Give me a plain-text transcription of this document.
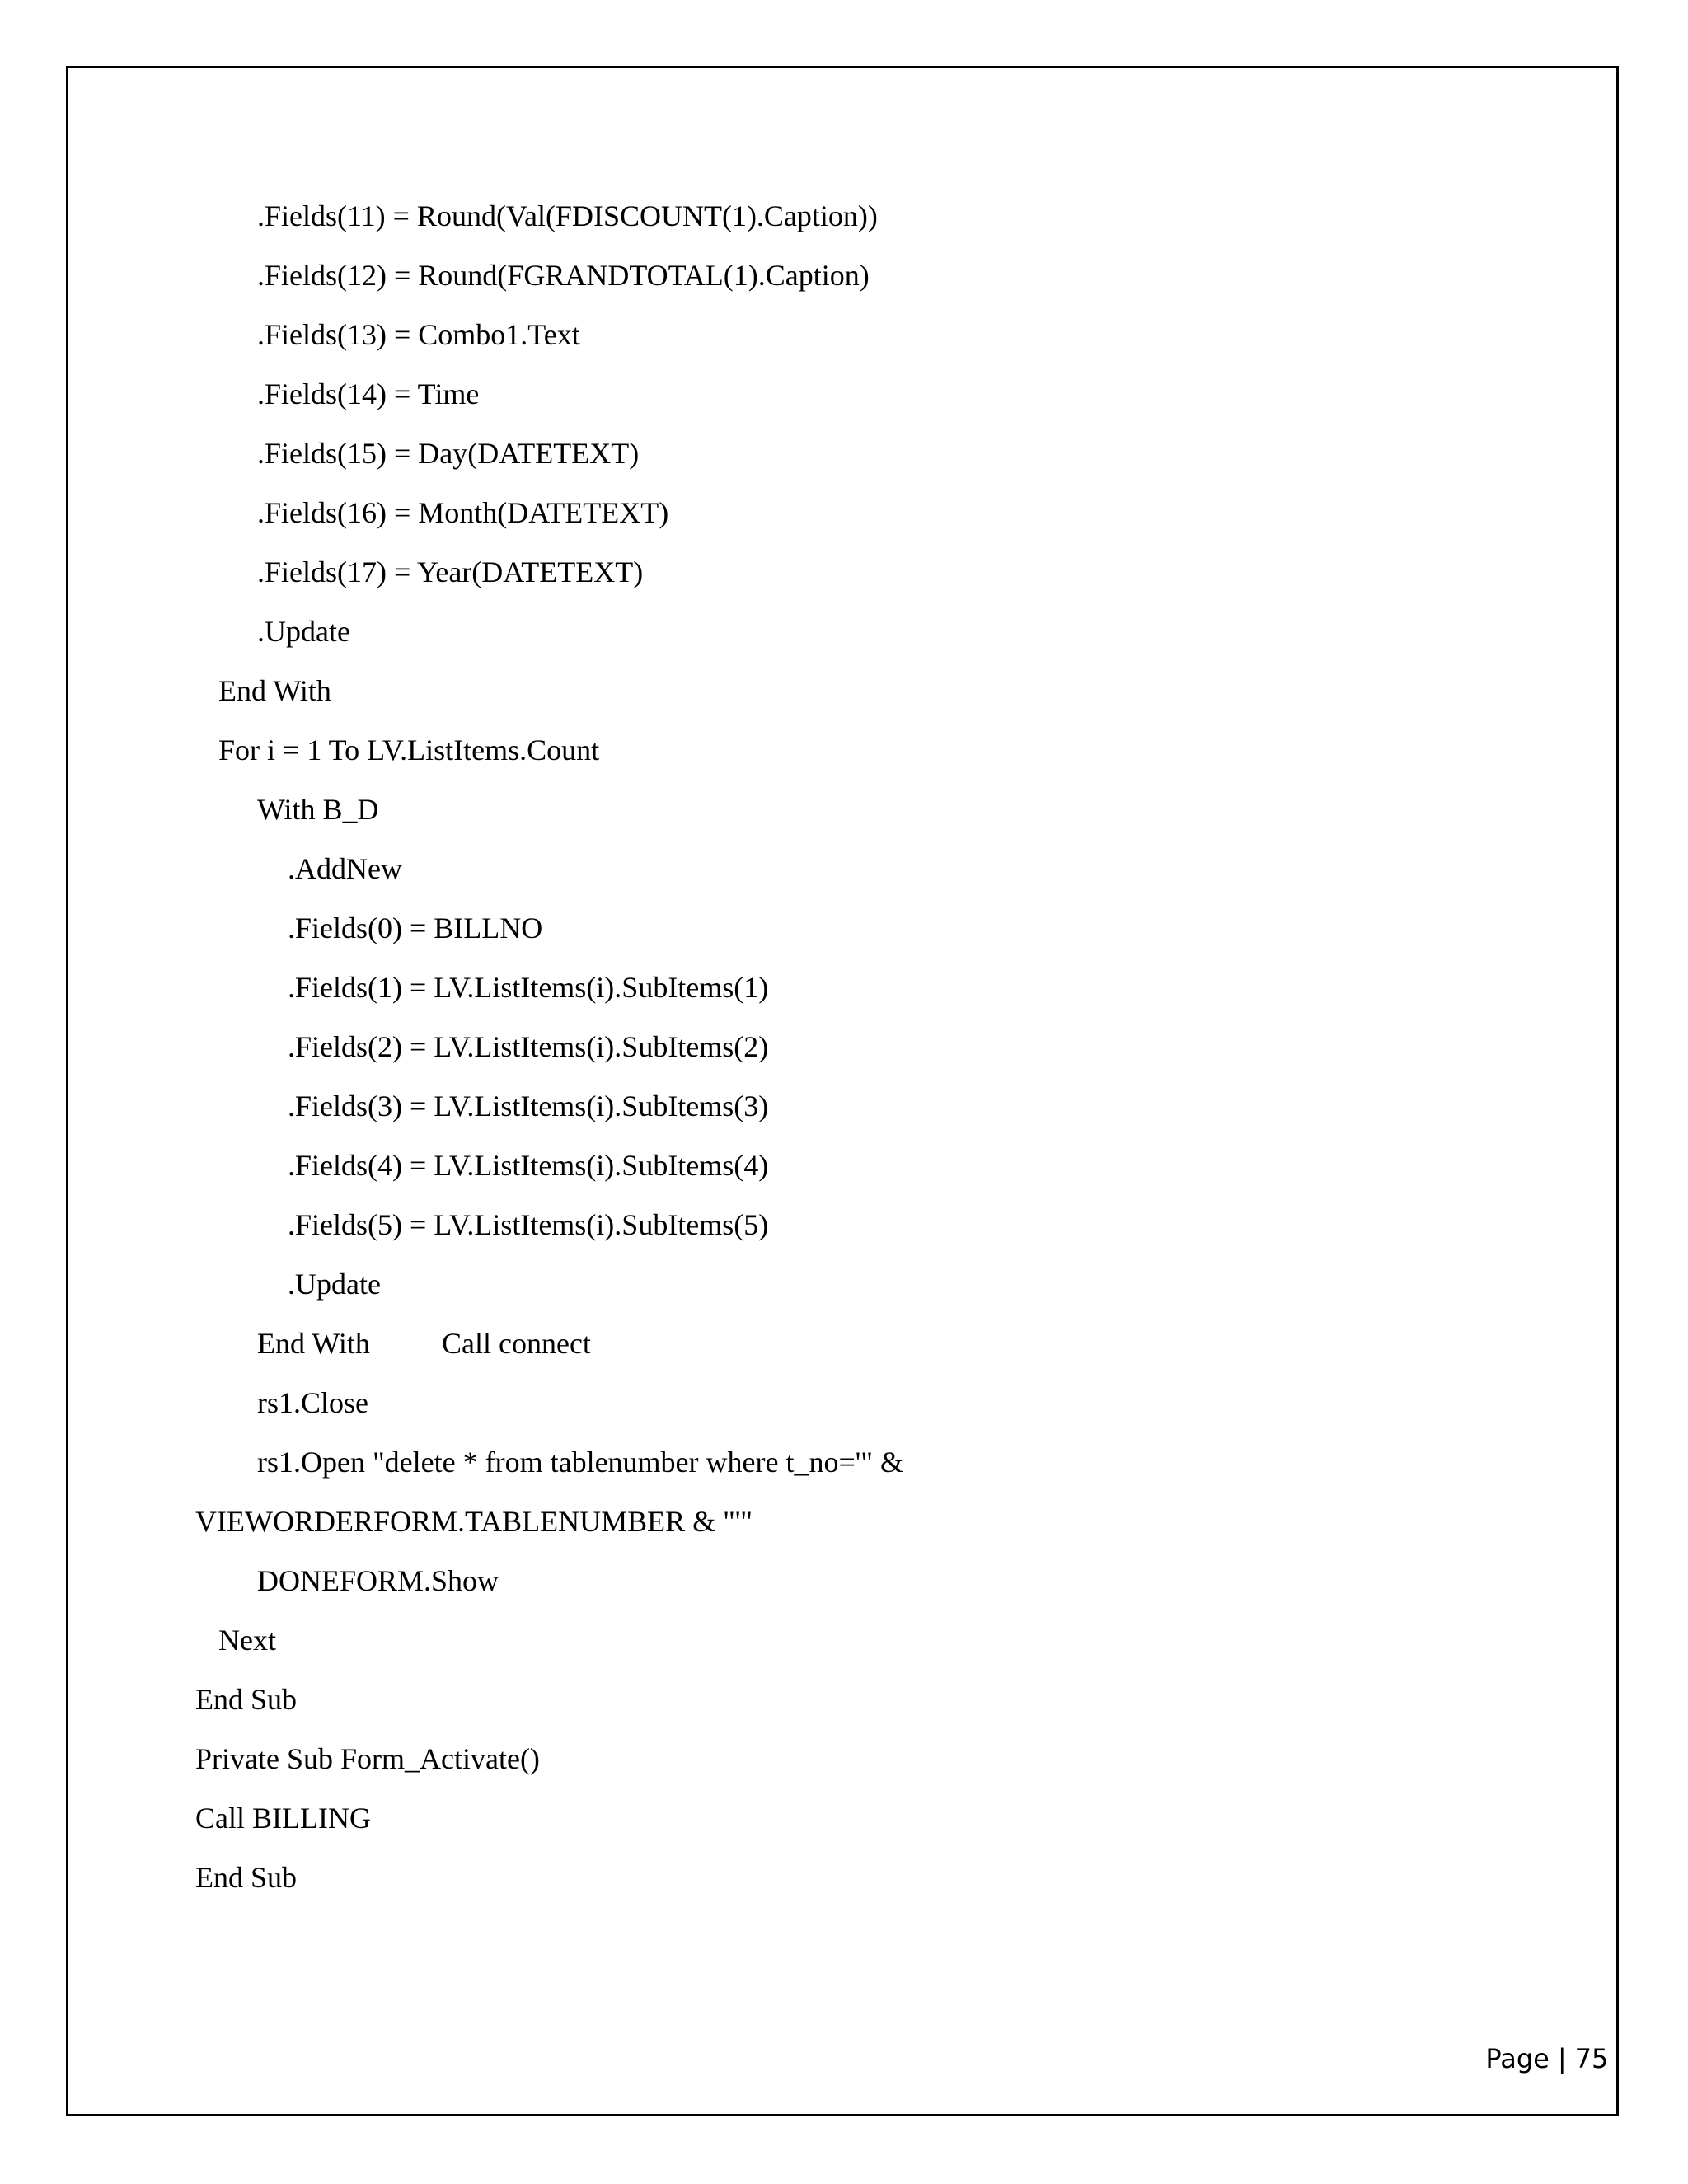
.Fields(11) = Round(Val(FDISCOUNT(1).Caption))
.Fields(12) = Round(FGRANDTOTAL(1).Caption)
.Fields(13) = Combo1.Text
.Fields(14) = Time
.Fields(15) = Day(DATETEXT)
.Fields(16) = Month(DATETEXT)
.Fields(17) = Year(DATETEXT)
.Update
End With
For i = 1 To LV.ListItems.Count
With B_D
.AddNew
.Fields(0) = BILLNO
.Fields(1) = LV.ListItems(i).SubItems(1)
.Fields(2) = LV.ListItems(i).SubItems(2)
.Fields(3) = LV.ListItems(i).SubItems(3)
.Fields(4) = LV.ListItems(i).SubItems(4)
.Fields(5) = LV.ListItems(i).SubItems(5)
.Update
End With Call connect
rs1.Close
rs1.Open "delete * from tablenumber where t_no='" &
VIEWORDERFORM.TABLENUMBER & "'"
DONEFORM.Show
Next
End Sub
Private Sub Form_Activate()
Call BILLING
End Sub

Page | 75
